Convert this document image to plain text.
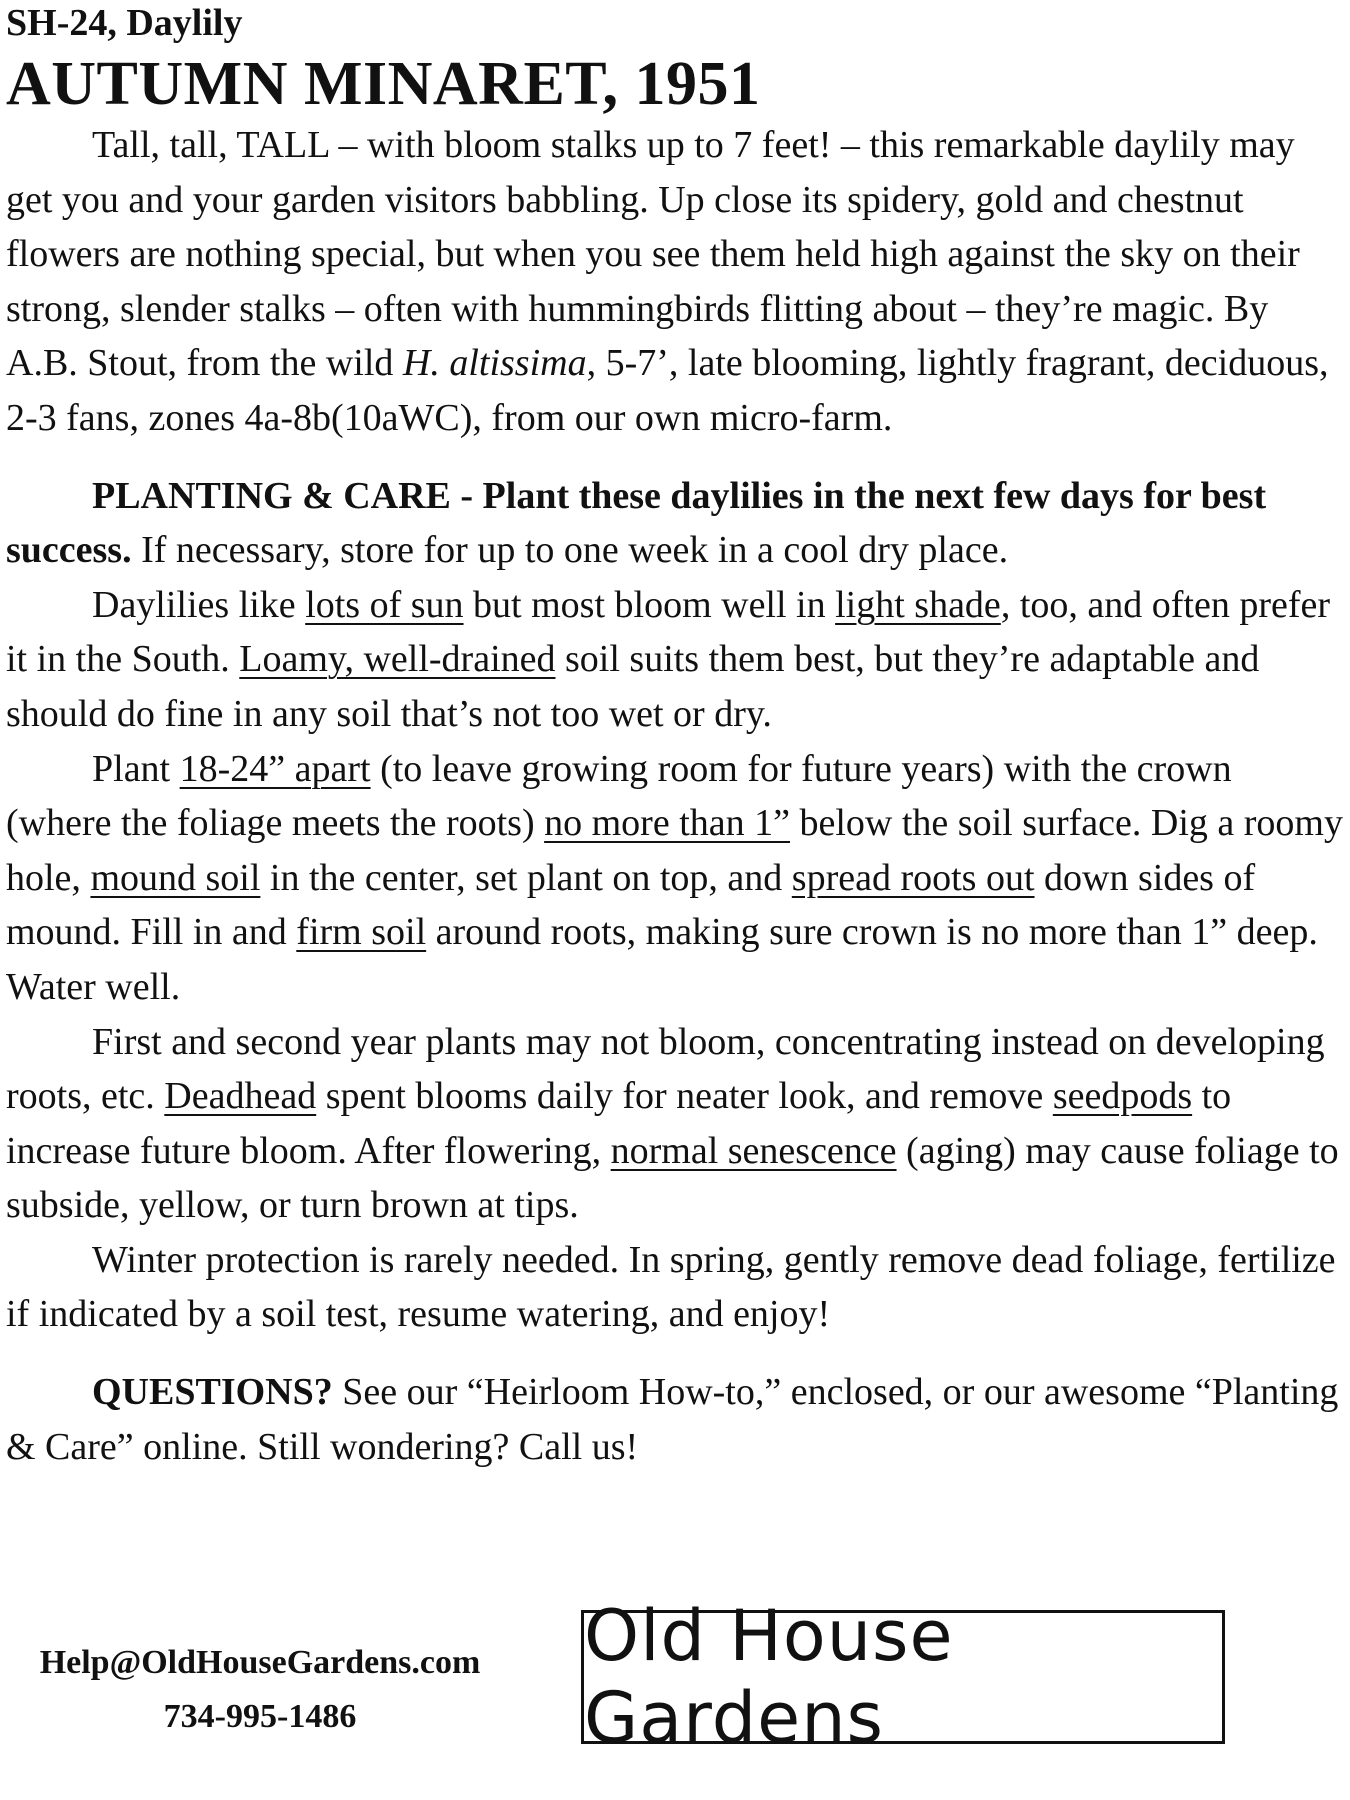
SH-24, Daylily
AUTUMN MINARET, 1951

Tall, tall, TALL – with bloom stalks up to 7 feet! – this remarkable daylily may get you and your garden visitors babbling. Up close its spidery, gold and chestnut flowers are nothing special, but when you see them held high against the sky on their strong, slender stalks – often with hummingbirds flitting about – they’re magic. By A.B. Stout, from the wild H. altissima, 5-7’, late blooming, lightly fragrant, deciduous, 2-3 fans, zones 4a-8b(10aWC), from our own micro-farm.

PLANTING & CARE - Plant these daylilies in the next few days for best success. If necessary, store for up to one week in a cool dry place.

Daylilies like lots of sun but most bloom well in light shade, too, and often prefer it in the South. Loamy, well-drained soil suits them best, but they’re adaptable and should do fine in any soil that’s not too wet or dry.

Plant 18-24” apart (to leave growing room for future years) with the crown (where the foliage meets the roots) no more than 1” below the soil surface. Dig a roomy hole, mound soil in the center, set plant on top, and spread roots out down sides of mound. Fill in and firm soil around roots, making sure crown is no more than 1” deep. Water well.

First and second year plants may not bloom, concentrating instead on developing roots, etc. Deadhead spent blooms daily for neater look, and remove seedpods to increase future bloom. After flowering, normal senescence (aging) may cause foliage to subside, yellow, or turn brown at tips.

Winter protection is rarely needed. In spring, gently remove dead foliage, fertilize if indicated by a soil test, resume watering, and enjoy!

QUESTIONS? See our “Heirloom How-to,” enclosed, or our awesome “Planting & Care” online. Still wondering? Call us!

Help@OldHouseGardens.com
734-995-1486
Old House Gardens
